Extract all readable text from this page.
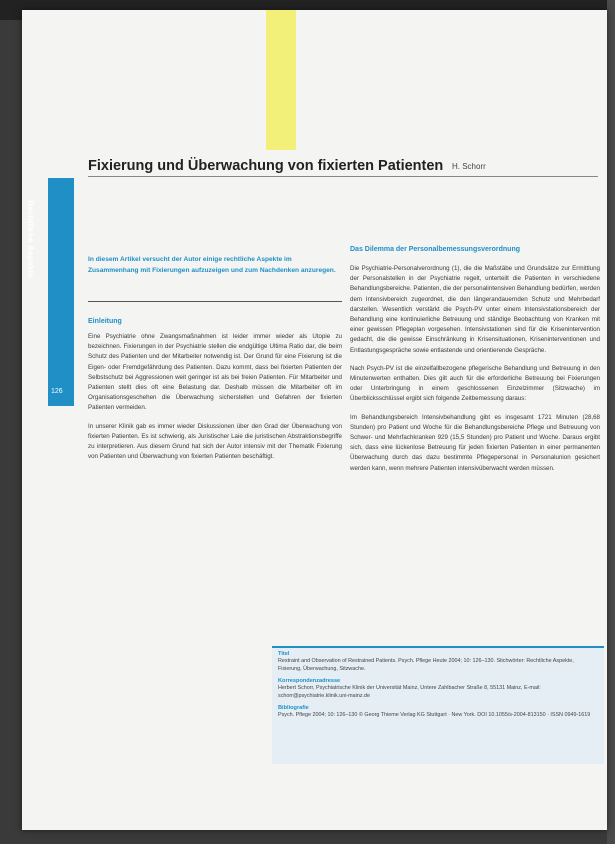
Fixierung und Überwachung von fixierten Patienten	H. Schorr
Rechtliche Aspekte
126
In diesem Artikel versucht der Autor einige rechtliche Aspekte im Zusammenhang mit Fixierungen aufzuzeigen und zum Nachdenken anzuregen.
Einleitung

Eine Psychiatrie ohne Zwangsmaßnahmen ist leider immer wieder als Utopie zu bezeichnen. Fixierungen in der Psychiatrie stellen die endgültige Ultima Ratio dar, die beim Schutz des Patienten und der Mitarbeiter notwendig ist. Der Grund für eine Fixierung ist die Eigen- oder Fremdgefährdung des Patienten. Dazu kommt, dass bei fixierten Patienten der Selbstschutz bei Aggressionen weit geringer ist als bei freien Patienten. Für Mitarbeiter und Patienten stellt dies oft eine Belastung dar. Deshalb müssen die Mitarbeiter oft im Organisationsgeschehen die Überwachung sicherstellen und Gefahren der fixierten Patienten vermeiden.

In unserer Klinik gab es immer wieder Diskussionen über den Grad der Überwachung von fixierten Patienten. Es ist schwierig, als Juristischer Laie die juristischen Abstraktionsbegriffe zu interpretieren. Aus diesem Grund hat sich der Autor intensiv mit der Thematik Fixierung von Patienten und Überwachung von fixierten Patienten beschäftigt.

Das Dilemma der Personalbemessungsverordnung

Die Psychiatrie-Personalverordnung (1), die die Maßstäbe und Grundsätze zur Ermittlung der Personalstellen in der Psychiatrie regelt, unterteilt die Patienten in verschiedene Behandlungsbereiche. Patienten, die der personalintensiven Behandlung bedürfen, werden dem Intensivbereich zugeordnet, die den längerandauernden Schutz und Mehrbedarf darstellen. Wesentlich verstärkt die Psych-PV unter einem Intensivstationsbereich der Behandlung eine kontinuierliche Betreuung und ständige Beobachtung von Kranken mit einer gewissen Pflegeplan vorgesehen. Intensivstationen sind für die Krisenintervention gedacht, die die gewisse Einschränkung in Krisensituationen, Kriseninterventionen und Entlastungsgespräche sowie entlastende und orientierende Gespräche.

Nach Psych-PV ist die einzelfallbezogene pflegerische Behandlung und Betreuung in den Minutenwerten enthalten. Dies gilt auch für die erforderliche Betreuung bei Fixierungen oder Unterbringung in einem geschlossenen Einzelzimmer (Sitzwache) im Überblicksschlüssel ergibt sich folgende Zeitbemessung daraus:

Im Behandlungsbereich Intensivbehandlung gibt es insgesamt 1721 Minuten (28,68 Stunden) pro Patient und Woche für die Behandlungsbereiche Pflege und Betreuung von Schwer- und Mehrfachkranken 929 (15,5 Stunden) pro Patient und Woche. Daraus ergibt sich, dass eine lückenlose Betreuung für jeden fixierten Patienten in einer permanenten Überwachung durch das dazu bestimmte Pflegepersonal in Personalunion gesichert werden kann, wenn mehrere Patienten intensivüberwacht werden müssen.

Titel

Restraint and Observation of Restrained Patients. Psych. Pflege Heute 2004; 10: 126–130. Stichwörter: Rechtliche Aspekte, Fixierung, Überwachung, Sitzwache.

Korrespondenzadresse

Herbert Schorr, Psychiatrische Klinik der Universität Mainz, Untere Zahlbacher Straße 8, 55131 Mainz, E-mail: schorr@psychiatrie.klinik.uni-mainz.de

Bibliografie

Psych. Pflege 2004; 10: 126–130 © Georg Thieme Verlag KG Stuttgart · New York. DOI 10.1055/s-2004-813150 · ISSN 0949-1619
